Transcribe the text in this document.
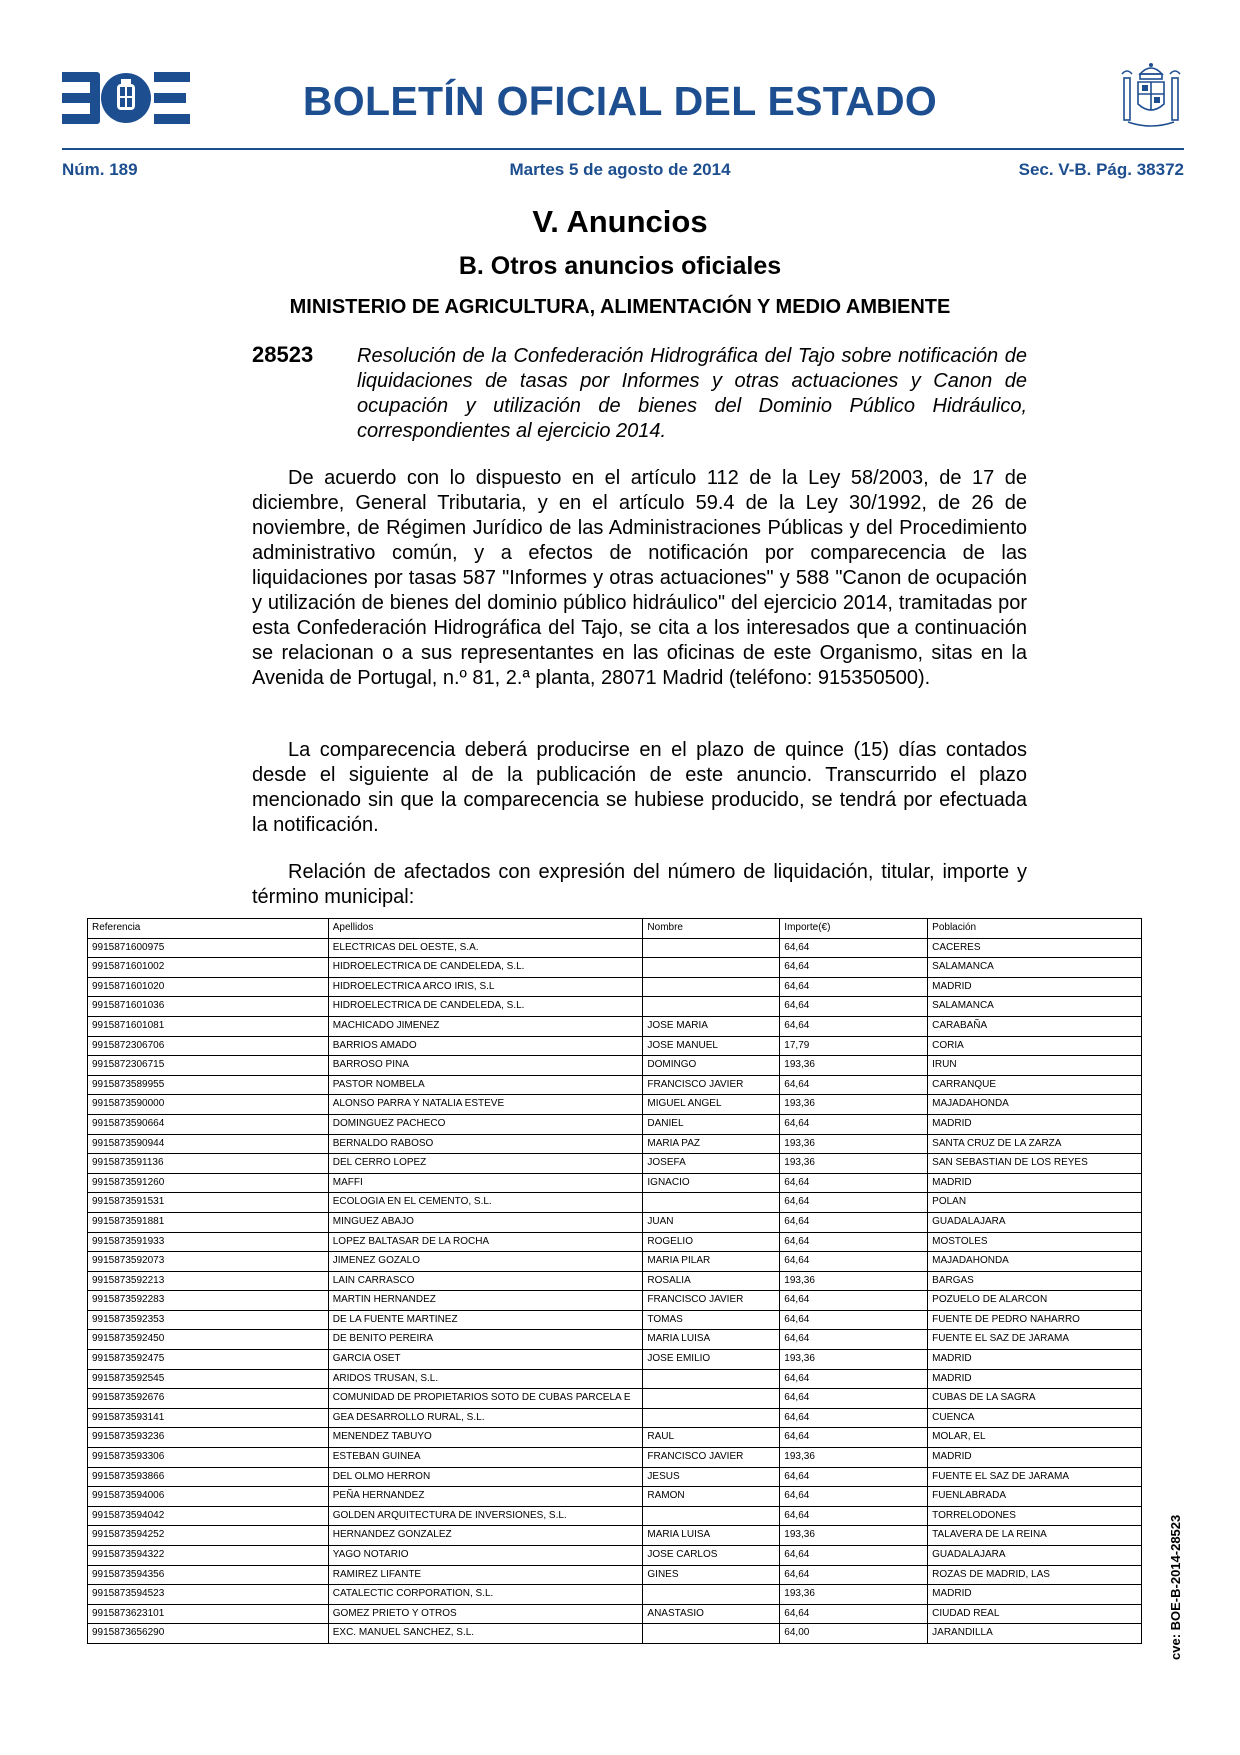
BOLETÍN OFICIAL DEL ESTADO
Núm. 189	Martes 5 de agosto de 2014	Sec. V-B. Pág. 38372
V. Anuncios
B. Otros anuncios oficiales
MINISTERIO DE AGRICULTURA, ALIMENTACIÓN Y MEDIO AMBIENTE
28523 Resolución de la Confederación Hidrográfica del Tajo sobre notificación de liquidaciones de tasas por Informes y otras actuaciones y Canon de ocupación y utilización de bienes del Dominio Público Hidráulico, correspondientes al ejercicio 2014.
De acuerdo con lo dispuesto en el artículo 112 de la Ley 58/2003, de 17 de diciembre, General Tributaria, y en el artículo 59.4 de la Ley 30/1992, de 26 de noviembre, de Régimen Jurídico de las Administraciones Públicas y del Procedimiento administrativo común, y a efectos de notificación por comparecencia de las liquidaciones por tasas 587 "Informes y otras actuaciones" y 588 "Canon de ocupación y utilización de bienes del dominio público hidráulico" del ejercicio 2014, tramitadas por esta Confederación Hidrográfica del Tajo, se cita a los interesados que a continuación se relacionan o a sus representantes en las oficinas de este Organismo, sitas en la Avenida de Portugal, n.º 81, 2.ª planta, 28071 Madrid (teléfono: 915350500).
La comparecencia deberá producirse en el plazo de quince (15) días contados desde el siguiente al de la publicación de este anuncio. Transcurrido el plazo mencionado sin que la comparecencia se hubiese producido, se tendrá por efectuada la notificación.
Relación de afectados con expresión del número de liquidación, titular, importe y término municipal:
Referencia	Apellidos	Nombre	Importe(€)	Población
9915871600975	ELECTRICAS DEL OESTE, S.A.		64,64	CACERES
9915871601002	HIDROELECTRICA DE CANDELEDA, S.L.		64,64	SALAMANCA
9915871601020	HIDROELECTRICA ARCO IRIS, S.L		64,64	MADRID
9915871601036	HIDROELECTRICA DE CANDELEDA, S.L.		64,64	SALAMANCA
9915871601081	MACHICADO JIMENEZ	JOSE MARIA	64,64	CARABAÑA
9915872306706	BARRIOS AMADO	JOSE MANUEL	17,79	CORIA
9915872306715	BARROSO PINA	DOMINGO	193,36	IRUN
9915873589955	PASTOR NOMBELA	FRANCISCO JAVIER	64,64	CARRANQUE
9915873590000	ALONSO PARRA Y NATALIA ESTEVE	MIGUEL ANGEL	193,36	MAJADAHONDA
9915873590664	DOMINGUEZ PACHECO	DANIEL	64,64	MADRID
9915873590944	BERNALDO RABOSO	MARIA PAZ	193,36	SANTA CRUZ DE LA ZARZA
9915873591136	DEL CERRO LOPEZ	JOSEFA	193,36	SAN SEBASTIAN DE LOS REYES
9915873591260	MAFFI	IGNACIO	64,64	MADRID
9915873591531	ECOLOGIA EN EL CEMENTO, S.L.		64,64	POLAN
9915873591881	MINGUEZ ABAJO	JUAN	64,64	GUADALAJARA
9915873591933	LOPEZ BALTASAR DE LA ROCHA	ROGELIO	64,64	MOSTOLES
9915873592073	JIMENEZ GOZALO	MARIA PILAR	64,64	MAJADAHONDA
9915873592213	LAIN CARRASCO	ROSALIA	193,36	BARGAS
9915873592283	MARTIN HERNANDEZ	FRANCISCO JAVIER	64,64	POZUELO DE ALARCON
9915873592353	DE LA FUENTE MARTINEZ	TOMAS	64,64	FUENTE DE PEDRO NAHARRO
9915873592450	DE BENITO PEREIRA	MARIA LUISA	64,64	FUENTE EL SAZ DE JARAMA
9915873592475	GARCIA OSET	JOSE EMILIO	193,36	MADRID
9915873592545	ARIDOS TRUSAN, S.L.		64,64	MADRID
9915873592676	COMUNIDAD DE PROPIETARIOS SOTO DE CUBAS PARCELA E		64,64	CUBAS DE LA SAGRA
9915873593141	GEA DESARROLLO RURAL, S.L.		64,64	CUENCA
9915873593236	MENENDEZ TABUYO	RAUL	64,64	MOLAR, EL
9915873593306	ESTEBAN GUINEA	FRANCISCO JAVIER	193,36	MADRID
9915873593866	DEL OLMO HERRON	JESUS	64,64	FUENTE EL SAZ DE JARAMA
9915873594006	PEÑA HERNANDEZ	RAMON	64,64	FUENLABRADA
9915873594042	GOLDEN ARQUITECTURA DE INVERSIONES, S.L.		64,64	TORRELODONES
9915873594252	HERNANDEZ GONZALEZ	MARIA LUISA	193,36	TALAVERA DE LA REINA
9915873594322	YAGO NOTARIO	JOSE CARLOS	64,64	GUADALAJARA
9915873594356	RAMIREZ LIFANTE	GINES	64,64	ROZAS DE MADRID, LAS
9915873594523	CATALECTIC CORPORATION, S.L.		193,36	MADRID
9915873623101	GOMEZ PRIETO Y OTROS	ANASTASIO	64,64	CIUDAD REAL
9915873656290	EXC. MANUEL SANCHEZ, S.L.		64,00	JARANDILLA	cve: BOE-B-2014-28523
